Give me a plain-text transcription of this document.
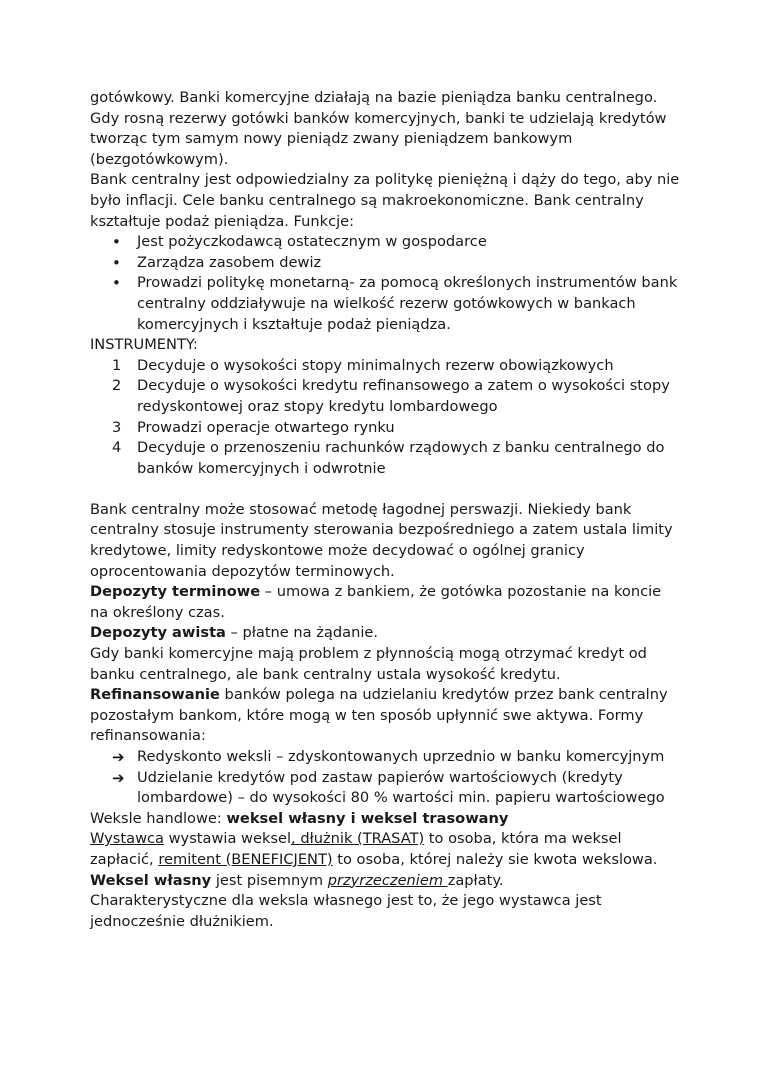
gotówkowy. Banki komercyjne działają na bazie pieniądza banku centralnego. Gdy rosną rezerwy gotówki banków komercyjnych, banki te udzielają kredytów tworząc tym samym nowy pieniądz zwany pieniądzem bankowym (bezgotówkowym).

Bank centralny jest odpowiedzialny za politykę pieniężną i dąży do tego, aby nie było inflacji. Cele banku centralnego są makroekonomiczne. Bank centralny kształtuje podaż pieniądza. Funkcje:

• Jest pożyczkodawcą ostatecznym w gospodarce
• Zarządza zasobem dewiz
• Prowadzi politykę monetarną- za pomocą określonych instrumentów bank centralny oddziaływuje na wielkość rezerw gotówkowych w bankach komercyjnych i kształtuje podaż pieniądza.

INSTRUMENTY:

1 Decyduje o wysokości stopy minimalnych rezerw obowiązkowych
2 Decyduje o wysokości kredytu refinansowego a zatem o wysokości stopy redyskontowej oraz stopy kredytu lombardowego
3 Prowadzi operacje otwartego rynku
4 Decyduje o przenoszeniu rachunków rządowych z banku centralnego do banków komercyjnych i odwrotnie

Bank centralny może stosować metodę łagodnej perswazji. Niekiedy bank centralny stosuje instrumenty sterowania bezpośredniego a zatem ustala limity kredytowe, limity redyskontowe może decydować o ogólnej granicy oprocentowania depozytów terminowych.

Depozyty terminowe – umowa z bankiem, że gotówka pozostanie na koncie na określony czas.

Depozyty awista – płatne na żądanie.

Gdy banki komercyjne mają problem z płynnością mogą otrzymać kredyt od banku centralnego, ale bank centralny ustala wysokość kredytu.

Refinansowanie banków polega na udzielaniu kredytów przez bank centralny pozostałym bankom, które mogą w ten sposób upłynnić swe aktywa. Formy refinansowania:

➔ Redyskonto weksli – zdyskontowanych uprzednio w banku komercyjnym
➔ Udzielanie kredytów pod zastaw papierów wartościowych (kredyty lombardowe) – do wysokości 80 % wartości min. papieru wartościowego

Weksle handlowe: weksel własny i weksel trasowany

Wystawca wystawia weksel, dłużnik (TRASAT) to osoba, która ma weksel zapłacić, remitent (BENEFICJENT) to osoba, której należy sie kwota wekslowa.

Weksel własny jest pisemnym przyrzeczeniem zapłaty.

Charakterystyczne dla weksla własnego jest to, że jego wystawca jest jednocześnie dłużnikiem.
